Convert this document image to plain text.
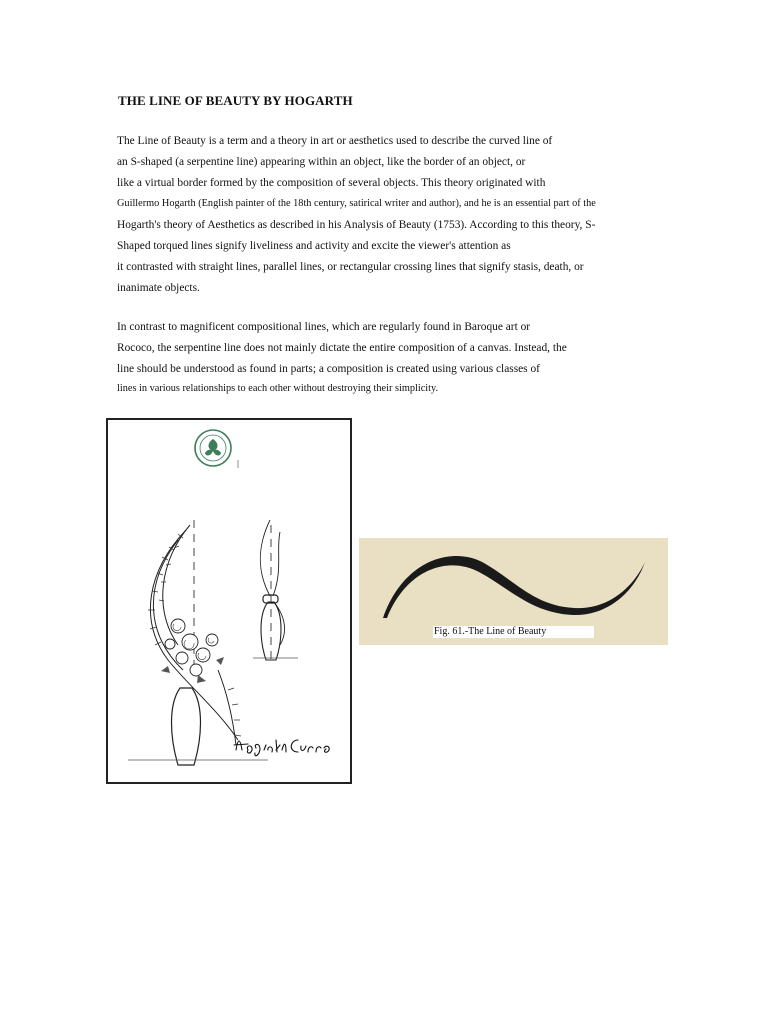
THE LINE OF BEAUTY BY HOGARTH
The Line of Beauty is a term and a theory in art or aesthetics used to describe the curved line of
an S-shaped (a serpentine line) appearing within an object, like the border of an object, or
like a virtual border formed by the composition of several objects. This theory originated with
Guillermo Hogarth (English painter of the 18th century, satirical writer and author), and he is an essential part of the
Hogarth's theory of Aesthetics as described in his Analysis of Beauty (1753). According to this theory, S-
Shaped torqued lines signify liveliness and activity and excite the viewer's attention as
it contrasted with straight lines, parallel lines, or rectangular crossing lines that signify stasis, death, or
inanimate objects.
In contrast to magnificent compositional lines, which are regularly found in Baroque art or
Rococo, the serpentine line does not mainly dictate the entire composition of a canvas. Instead, the
line should be understood as found in parts; a composition is created using various classes of
lines in various relationships to each other without destroying their simplicity.
Fig. 61.-The Line of Beauty
